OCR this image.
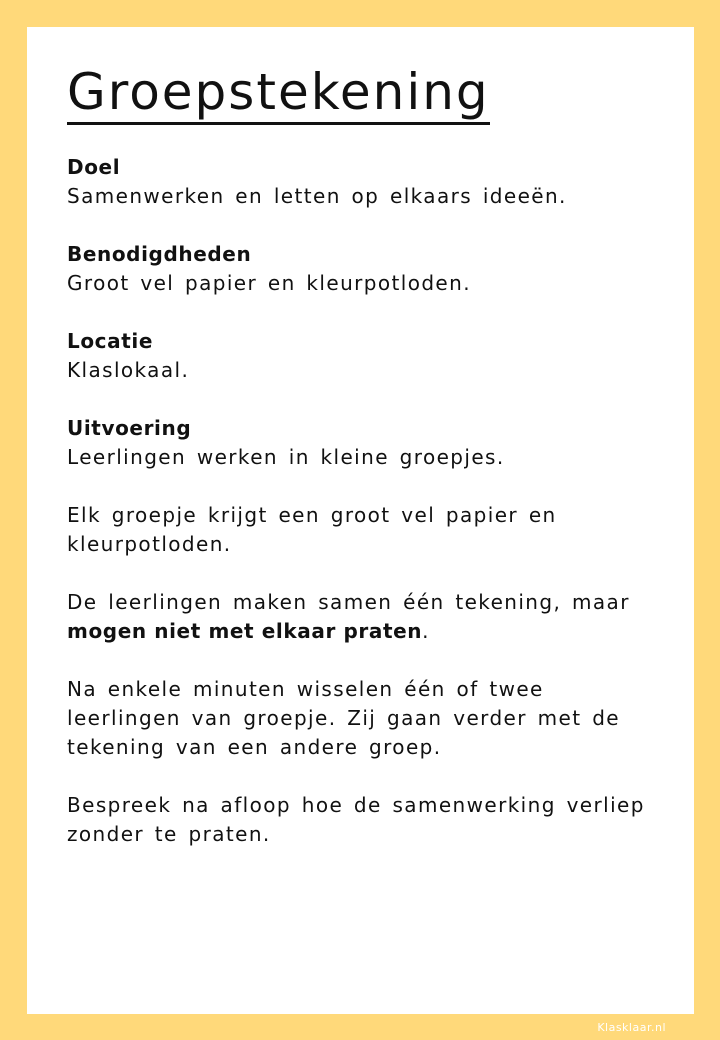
Groepstekening
Doel

Samenwerken en letten op elkaars ideeën.

Benodigdheden

Groot vel papier en kleurpotloden.

Locatie

Klaslokaal.

Uitvoering

Leerlingen werken in kleine groepjes.

Elk groepje krijgt een groot vel papier en kleurpotloden.

De leerlingen maken samen één tekening, maar
mogen niet met elkaar praten.

Na enkele minuten wisselen één of twee leerlingen van groepje. Zij gaan verder met de tekening van een andere groep.

Bespreek na afloop hoe de samenwerking verliep zonder te praten.

Klasklaar.nl
